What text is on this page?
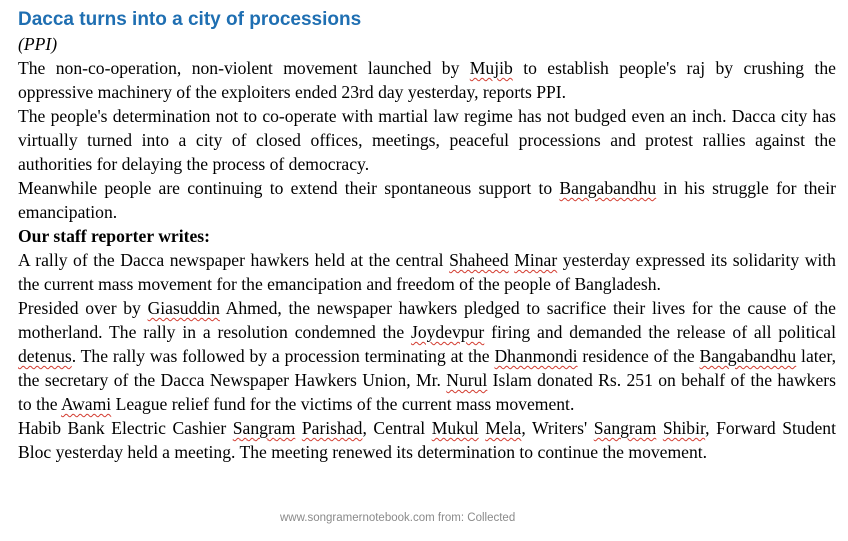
Dacca turns into a city of processions

(PPI)

The non-co-operation, non-violent movement launched by Mujib to establish people's raj by crushing the oppressive machinery of the exploiters ended 23rd day yesterday, reports PPI.

The people's determination not to co-operate with martial law regime has not budged even an inch. Dacca city has virtually turned into a city of closed offices, meetings, peaceful processions and protest rallies against the authorities for delaying the process of democracy.

Meanwhile people are continuing to extend their spontaneous support to Bangabandhu in his struggle for their emancipation.

Our staff reporter writes:

A rally of the Dacca newspaper hawkers held at the central Shaheed Minar yesterday expressed its solidarity with the current mass movement for the emancipation and freedom of the people of Bangladesh.

Presided over by Giasuddin Ahmed, the newspaper hawkers pledged to sacrifice their lives for the cause of the motherland. The rally in a resolution condemned the Joydevpur firing and demanded the release of all political detenus. The rally was followed by a procession terminating at the Dhanmondi residence of the Bangabandhu later, the secretary of the Dacca Newspaper Hawkers Union, Mr. Nurul Islam donated Rs. 251 on behalf of the hawkers to the Awami League relief fund for the victims of the current mass movement.

Habib Bank Electric Cashier Sangram Parishad, Central Mukul Mela, Writers' Sangram Shibir, Forward Student Bloc yesterday held a meeting. The meeting renewed its determination to continue the movement.

www.songramernotebook.com from: Collected
